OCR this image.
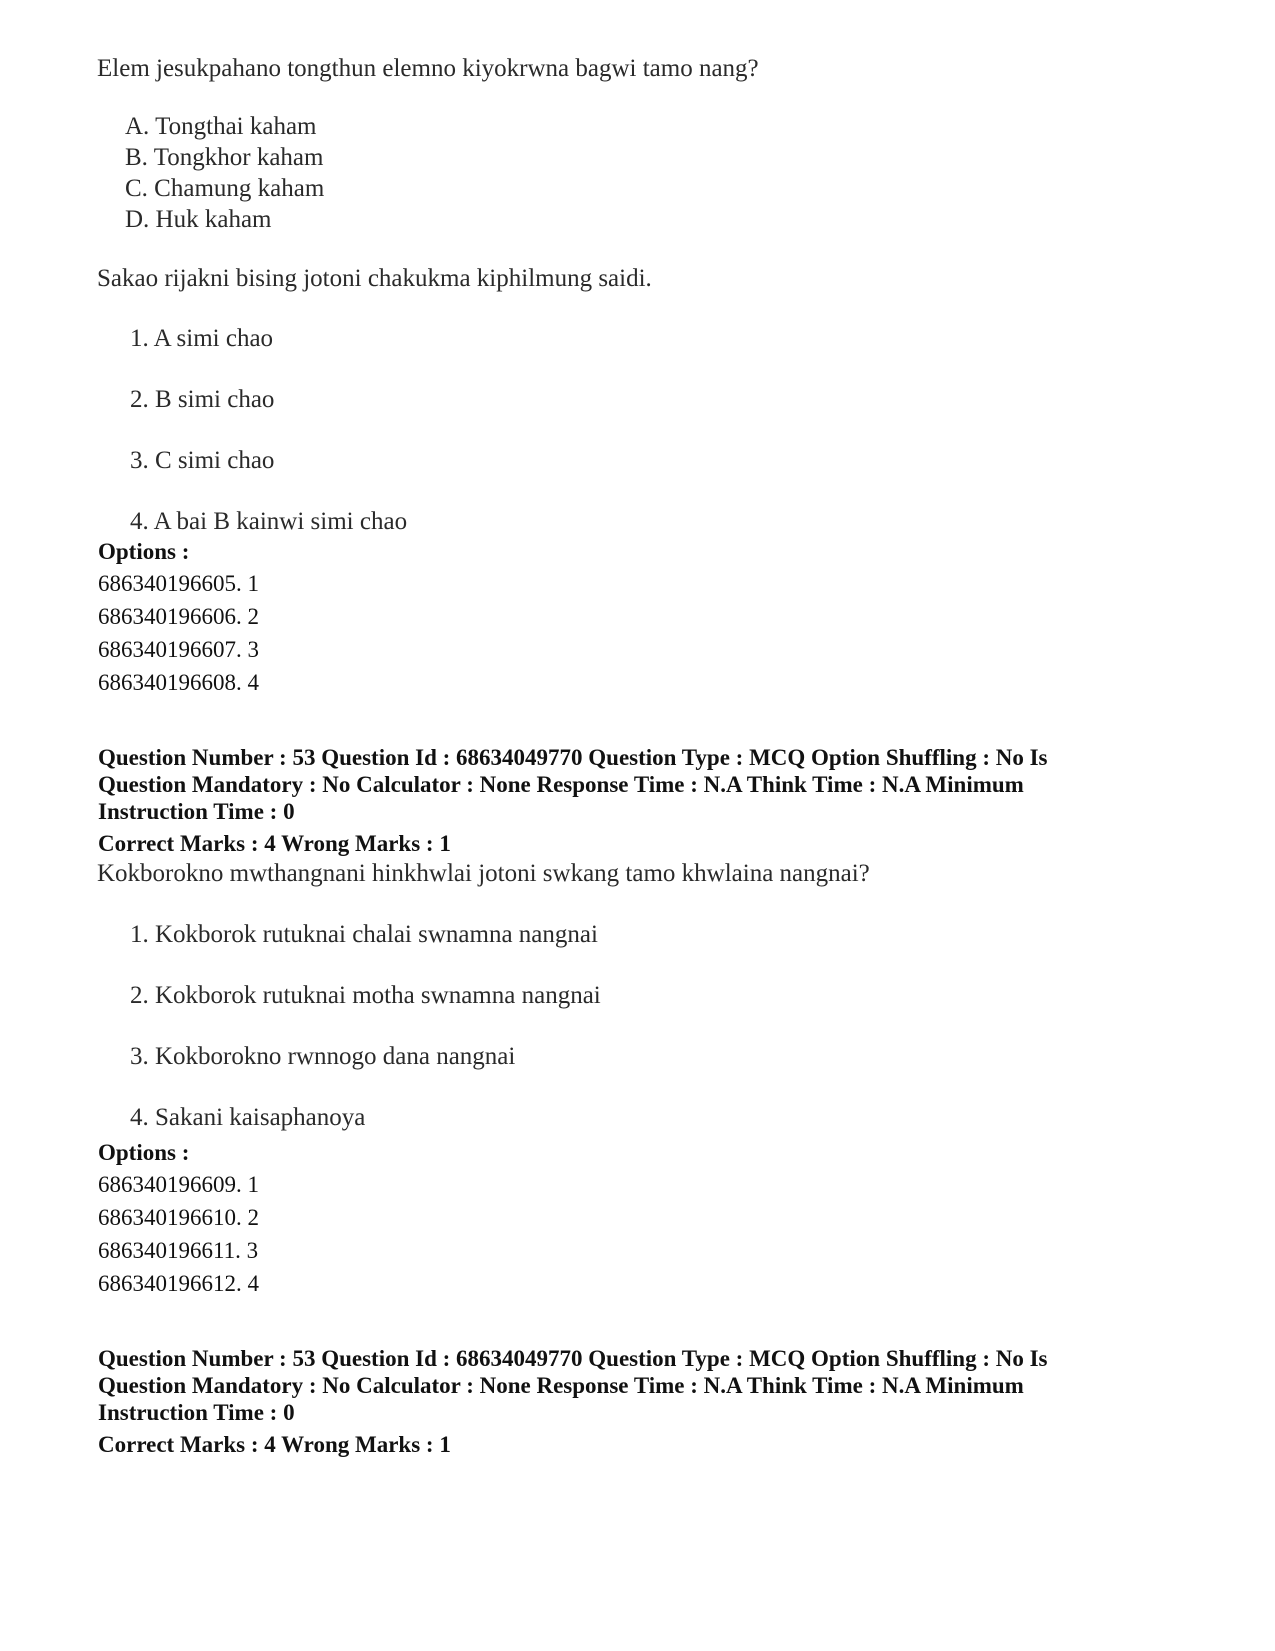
Elem jesukpahano tongthun elemno kiyokrwna bagwi tamo nang?
A. Tongthai kaham
B. Tongkhor kaham
C. Chamung kaham
D. Huk kaham
Sakao rijakni bising jotoni chakukma kiphilmung saidi.
1. A simi chao
2. B simi chao
3. C simi chao
4. A bai B kainwi simi chao
Options :
686340196605. 1
686340196606. 2
686340196607. 3
686340196608. 4
Question Number : 53 Question Id : 68634049770 Question Type : MCQ Option Shuffling : No Is
Question Mandatory : No Calculator : None Response Time : N.A Think Time : N.A Minimum
Instruction Time : 0
Correct Marks : 4 Wrong Marks : 1
Kokborokno mwthangnani hinkhwlai jotoni swkang tamo khwlaina nangnai?
1. Kokborok rutuknai chalai swnamna nangnai
2. Kokborok rutuknai motha swnamna nangnai
3. Kokborokno rwnnogo dana nangnai
4. Sakani kaisaphanoya
Options :
686340196609. 1
686340196610. 2
686340196611. 3
686340196612. 4
Question Number : 53 Question Id : 68634049770 Question Type : MCQ Option Shuffling : No Is
Question Mandatory : No Calculator : None Response Time : N.A Think Time : N.A Minimum
Instruction Time : 0
Correct Marks : 4 Wrong Marks : 1
